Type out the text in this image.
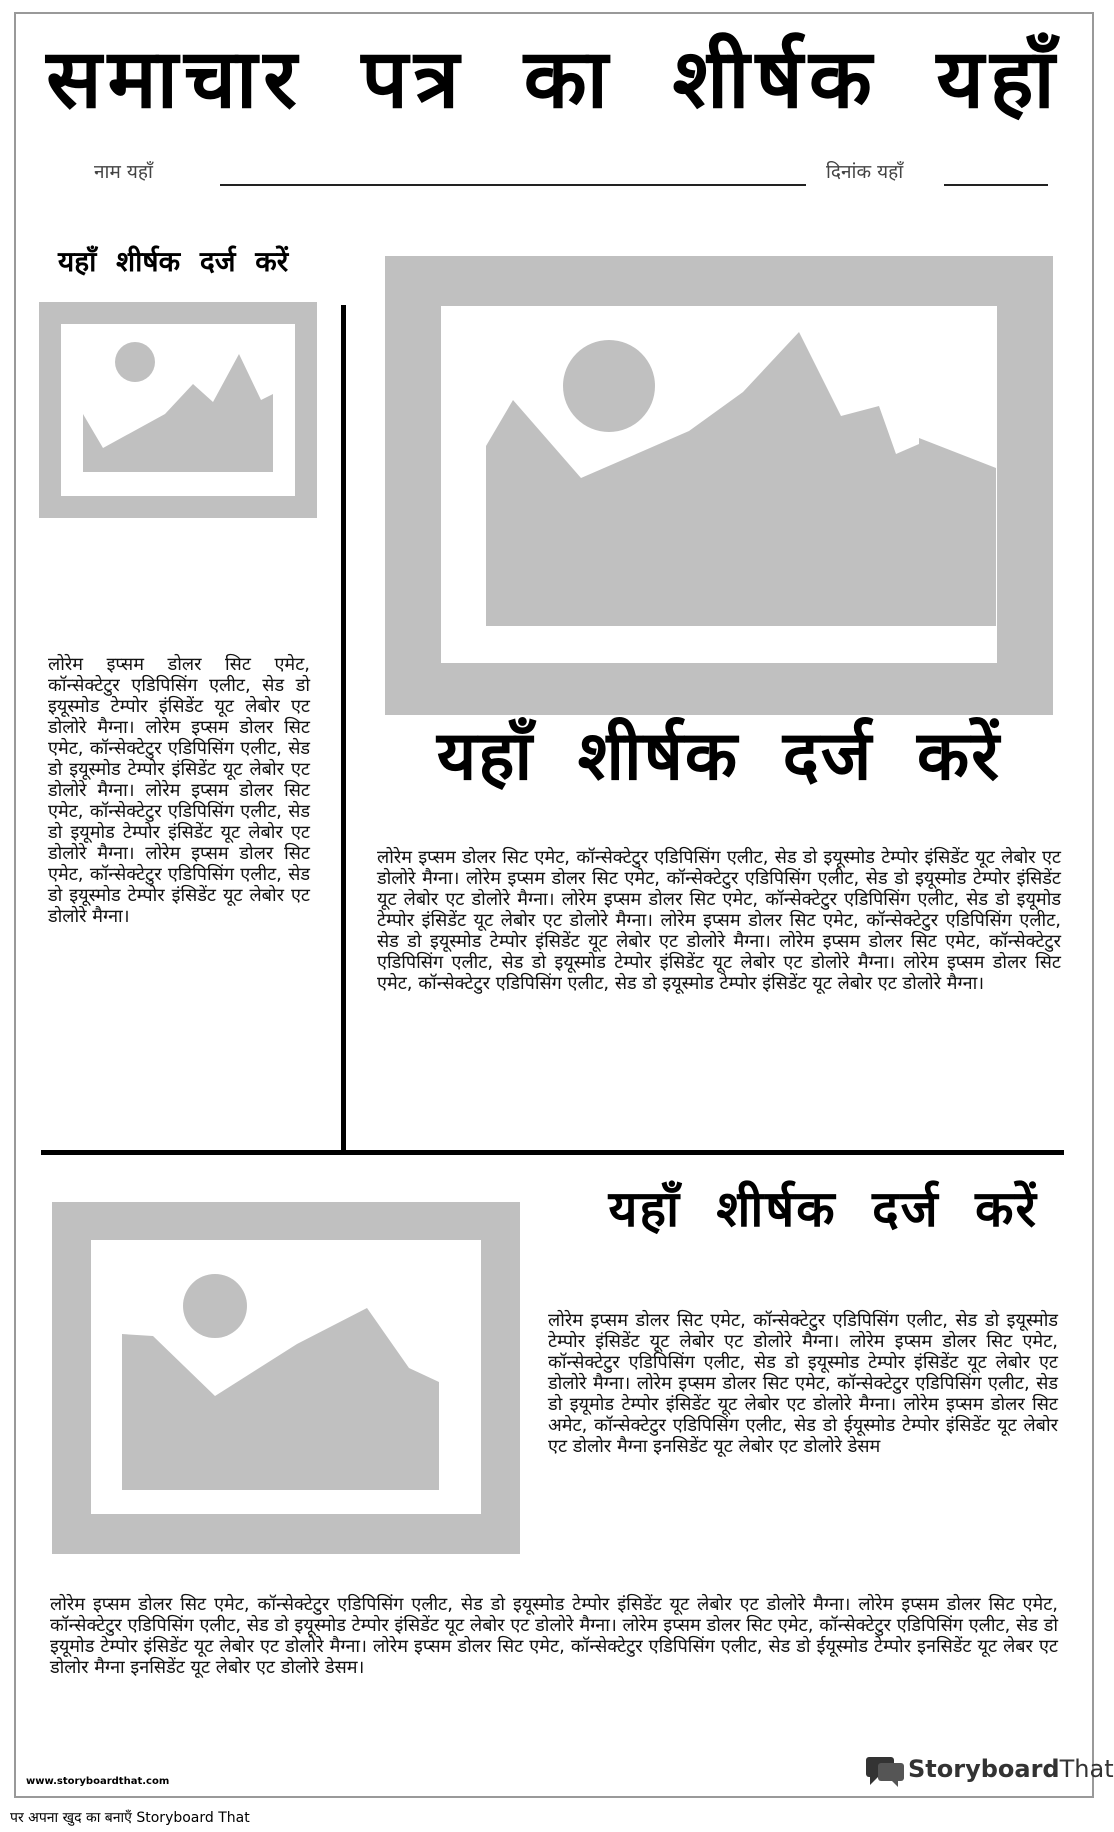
समाचार पत्र का शीर्षक यहाँ
नाम यहाँ	दिनांक यहाँ
यहाँ शीर्षक दर्ज करें
लोरेम इप्सम डोलर सिट एमेट, कॉन्सेक्टेटुर एडिपिसिंग एलीट, सेड डो इयूस्मोड टेम्पोर इंसिडेंट यूट लेबोर एट डोलोरे मैग्ना। लोरेम इप्सम डोलर सिट एमेट, कॉन्सेक्टेटुर एडिपिसिंग एलीट, सेड डो इयूस्मोड टेम्पोर इंसिडेंट यूट लेबोर एट डोलोरे मैग्ना। लोरेम इप्सम डोलर सिट एमेट, कॉन्सेक्टेटुर एडिपिसिंग एलीट, सेड डो इयूमोड टेम्पोर इंसिडेंट यूट लेबोर एट डोलोरे मैग्ना। लोरेम इप्सम डोलर सिट एमेट, कॉन्सेक्टेटुर एडिपिसिंग एलीट, सेड डो इयूस्मोड टेम्पोर इंसिडेंट यूट लेबोर एट डोलोरे मैग्ना।
यहाँ शीर्षक दर्ज करें
लोरेम इप्सम डोलर सिट एमेट, कॉन्सेक्टेटुर एडिपिसिंग एलीट, सेड डो इयूस्मोड टेम्पोर इंसिडेंट यूट लेबोर एट डोलोरे मैग्ना। लोरेम इप्सम डोलर सिट एमेट, कॉन्सेक्टेटुर एडिपिसिंग एलीट, सेड डो इयूस्मोड टेम्पोर इंसिडेंट यूट लेबोर एट डोलोरे मैग्ना। लोरेम इप्सम डोलर सिट एमेट, कॉन्सेक्टेटुर एडिपिसिंग एलीट, सेड डो इयूमोड टेम्पोर इंसिडेंट यूट लेबोर एट डोलोरे मैग्ना। लोरेम इप्सम डोलर सिट एमेट, कॉन्सेक्टेटुर एडिपिसिंग एलीट, सेड डो इयूस्मोड टेम्पोर इंसिडेंट यूट लेबोर एट डोलोरे मैग्ना। लोरेम इप्सम डोलर सिट एमेट, कॉन्सेक्टेटुर एडिपिसिंग एलीट, सेड डो इयूस्मोड टेम्पोर इंसिडेंट यूट लेबोर एट डोलोरे मैग्ना। लोरेम इप्सम डोलर सिट एमेट, कॉन्सेक्टेटुर एडिपिसिंग एलीट, सेड डो इयूस्मोड टेम्पोर इंसिडेंट यूट लेबोर एट डोलोरे मैग्ना।
यहाँ शीर्षक दर्ज करें
लोरेम इप्सम डोलर सिट एमेट, कॉन्सेक्टेटुर एडिपिसिंग एलीट, सेड डो इयूस्मोड टेम्पोर इंसिडेंट यूट लेबोर एट डोलोरे मैग्ना। लोरेम इप्सम डोलर सिट एमेट, कॉन्सेक्टेटुर एडिपिसिंग एलीट, सेड डो इयूस्मोड टेम्पोर इंसिडेंट यूट लेबोर एट डोलोरे मैग्ना। लोरेम इप्सम डोलर सिट एमेट, कॉन्सेक्टेटुर एडिपिसिंग एलीट, सेड डो इयूमोड टेम्पोर इंसिडेंट यूट लेबोर एट डोलोरे मैग्ना। लोरेम इप्सम डोलर सिट अमेट, कॉन्सेक्टेटुर एडिपिसिंग एलीट, सेड डो ईयूस्मोड टेम्पोर इंसिडेंट यूट लेबोर एट डोलोर मैग्ना इनसिडेंट यूट लेबोर एट डोलोरे डेसम
लोरेम इप्सम डोलर सिट एमेट, कॉन्सेक्टेटुर एडिपिसिंग एलीट, सेड डो इयूस्मोड टेम्पोर इंसिडेंट यूट लेबोर एट डोलोरे मैग्ना। लोरेम इप्सम डोलर सिट एमेट, कॉन्सेक्टेटुर एडिपिसिंग एलीट, सेड डो इयूस्मोड टेम्पोर इंसिडेंट यूट लेबोर एट डोलोरे मैग्ना। लोरेम इप्सम डोलर सिट एमेट, कॉन्सेक्टेटुर एडिपिसिंग एलीट, सेड डो इयूमोड टेम्पोर इंसिडेंट यूट लेबोर एट डोलोरे मैग्ना। लोरेम इप्सम डोलर सिट एमेट, कॉन्सेक्टेटुर एडिपिसिंग एलीट, सेड डो ईयूस्मोड टेम्पोर इनसिडेंट यूट लेबर एट डोलोर मैग्ना इनसिडेंट यूट लेबोर एट डोलोरे डेसम।
www.storyboardthat.com	StoryboardThat
पर अपना खुद का बनाएँ Storyboard That
